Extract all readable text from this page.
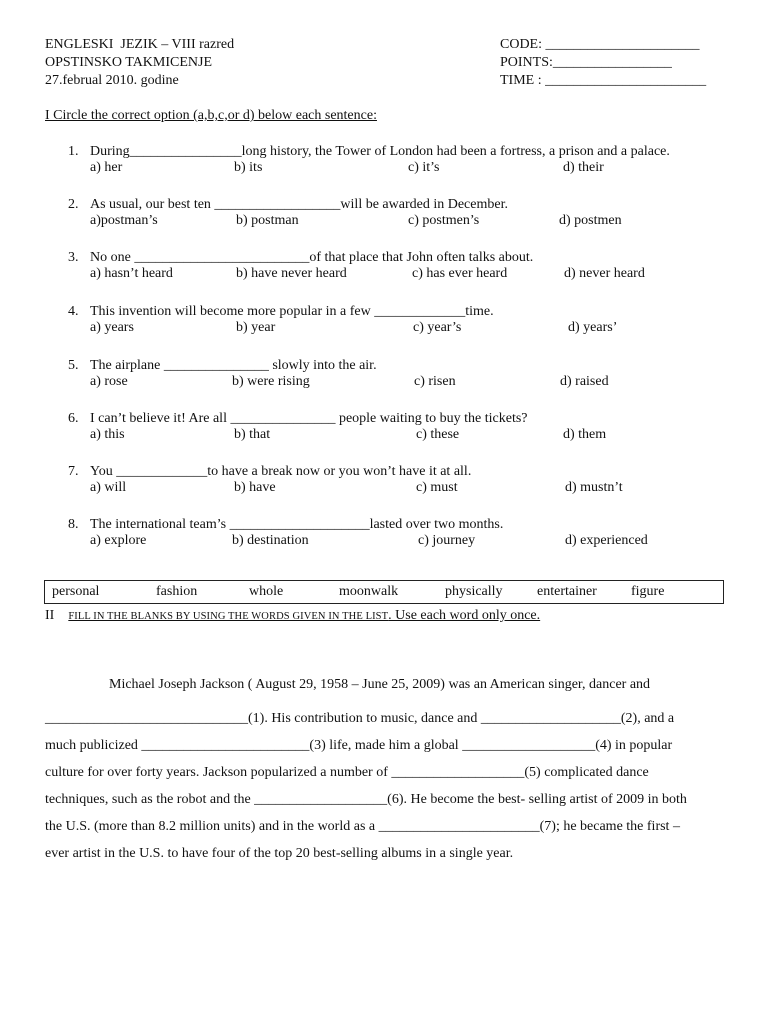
ENGLESKI  JEZIK – VIII razred
OPSTINSKO TAKMICENJE
27.februal 2010. godine
CODE: ______________________
POINTS:_________________
TIME : _______________________
I Circle the correct option (a,b,c,or d) below each sentence:
1. During________________long history, the Tower of London had been a fortress, a prison and a palace.
a) her	b) its	c) it’s	d) their
2. As usual, our best ten __________________will be awarded in December.
a)postman’s	b) postman	c) postmen’s	d) postmen
3. No one _________________________of that place that John often talks about.
a) hasn’t heard	b) have never heard	c) has ever heard	d) never heard
4. This invention will become more popular in a few _____________time.
a) years	b) year	c) year’s	d) years’
5. The airplane _______________ slowly into the air.
a) rose	b) were rising	c) risen	d) raised
6. I can’t believe it! Are all _______________ people waiting to buy the tickets?
a) this	b) that	c) these	d) them
7. You _____________to have a break now or you won’t have it at all.
a) will	b) have	c) must	d) mustn’t
8. The international team’s ____________________lasted over two months.
a) explore	b) destination	c) journey	d) experienced
personal	fashion	whole	moonwalk	physically entertainer figure
II FILL IN THE BLANKS BY USING THE WORDS GIVEN IN THE LIST. Use each word only once.
Michael Joseph Jackson ( August 29, 1958 – June 25, 2009) was an American singer, dancer and
_____________________________(1). His contribution to music, dance and ____________________(2), and a
much publicized ________________________(3) life, made him a global ___________________(4) in popular
culture for over forty years. Jackson popularized a number of ___________________(5) complicated dance
techniques, such as the robot and the ___________________(6). He become the best- selling artist of 2009 in both
the U.S. (more than 8.2 million units) and in the world as a _______________________(7); he became the first –
ever artist in the U.S. to have four of the top 20 best-selling albums in a single year.
